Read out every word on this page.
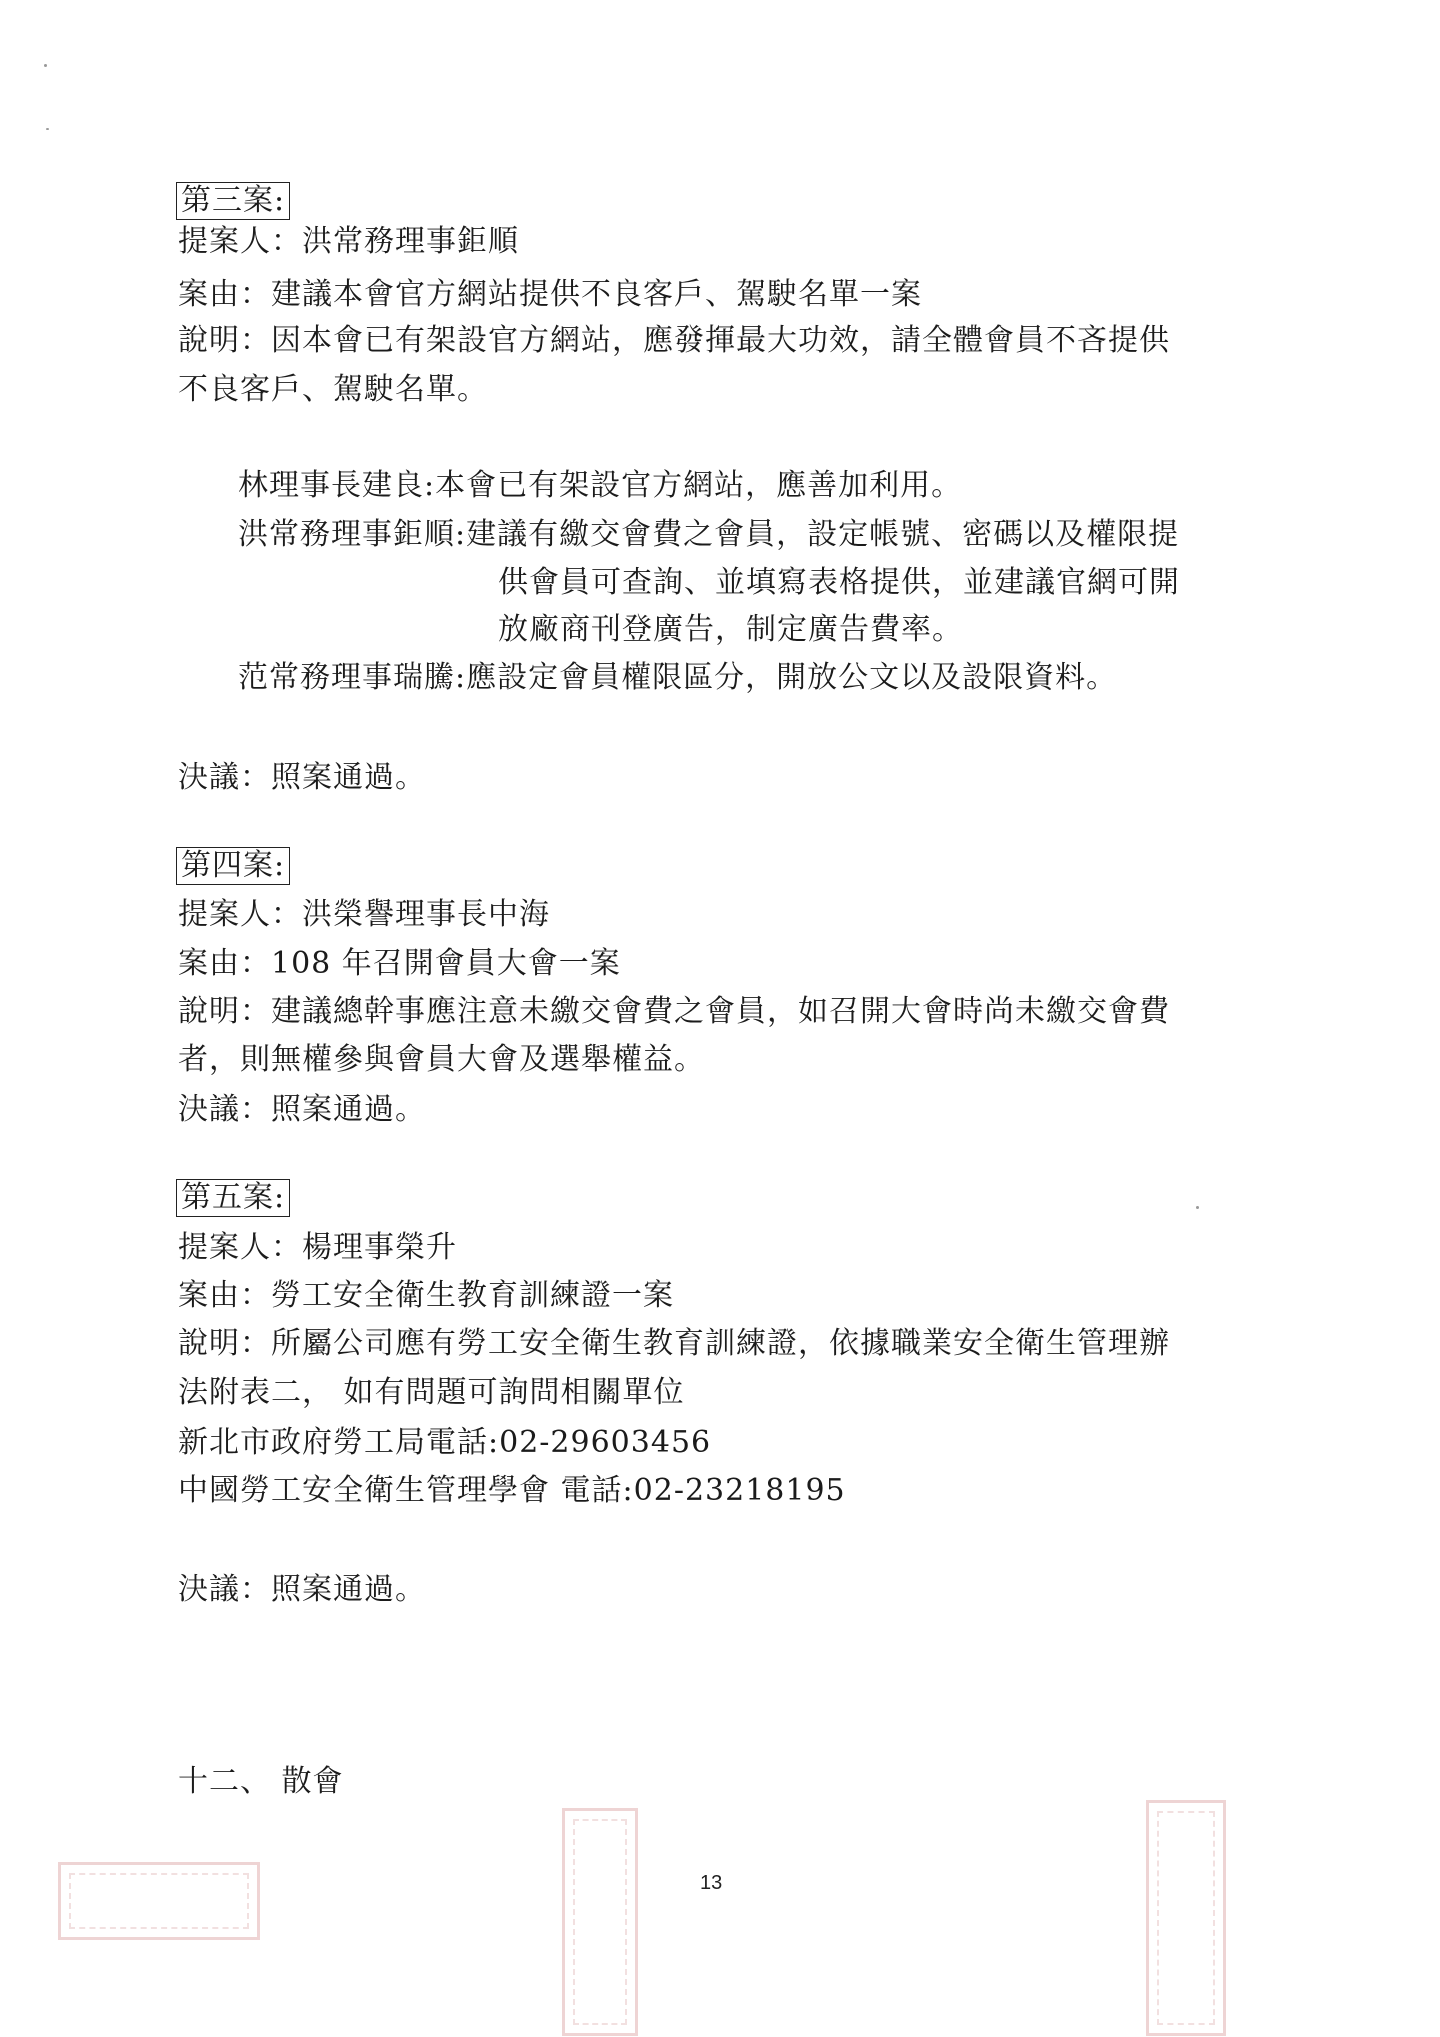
第三案:
提案人：洪常務理事鉅順
案由：建議本會官方網站提供不良客戶、駕駛名單一案
說明：因本會已有架設官方網站，應發揮最大功效，請全體會員不吝提供
不良客戶、駕駛名單。
林理事長建良:本會已有架設官方網站，應善加利用。
洪常務理事鉅順:建議有繳交會費之會員，設定帳號、密碼以及權限提
供會員可查詢、並填寫表格提供，並建議官網可開
放廠商刊登廣告，制定廣告費率。
范常務理事瑞騰:應設定會員權限區分，開放公文以及設限資料。
決議：照案通過。
第四案:
提案人：洪榮譽理事長中海
案由：108 年召開會員大會一案
說明：建議總幹事應注意未繳交會費之會員，如召開大會時尚未繳交會費
者，則無權參與會員大會及選舉權益。
決議：照案通過。
第五案:
提案人：楊理事榮升
案由：勞工安全衛生教育訓練證一案
說明：所屬公司應有勞工安全衛生教育訓練證，依據職業安全衛生管理辦
法附表二， 如有問題可詢問相關單位
新北市政府勞工局電話:02-29603456
中國勞工安全衛生管理學會 電話:02-23218195
決議：照案通過。
十二、 散會
13
